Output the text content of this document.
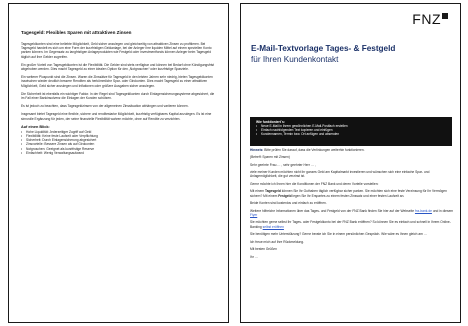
Tagesgeld: Flexibles Sparen mit attraktiven Zinsen

Tagesgeldkonten sind eine beliebte Möglichkeit, Geld sicher anzulegen und gleichzeitig von attraktiven Zinsen zu profitieren. Bei Tagesgeld handelt es sich um eine Form der kurzfristigen Geldanlage, bei der Anleger ihre liquiden Mittel auf einem speziellen Konto parken können. Im Gegensatz zu langfristigen Anlageprodukten wie Festgeld oder Investmentfonds können Anleger beim Tagesgeld täglich auf ihre Gelder zugreifen.

Ein großer Vorteil von Tagesgeldkonten ist die Flexibilität. Die Gelder sind stets verfügbar und können bei Bedarf ohne Kündigungsfrist abgehoben werden. Dies macht Tagesgeld zu einer idealen Option für den „Notgroschen“ oder kurzfristige Sparziele.

Ein weiterer Pluspunkt sind die Zinsen. Waren die Zinssätze für Tagesgeld in den letzten Jahren sehr niedrig, bieten Tagesgeldkonten inzwischen wieder deutlich bessere Renditen als herkömmliche Spar- oder Girokonten. Dies macht Tagesgeld zu einer attraktiven Möglichkeit, Geld sicher anzulegen und Inflationen oder größere Ausgaben sicher anzulegen.

Die Sicherheit ist ebenfalls ein wichtiger Faktor. In der Regel sind Tagesgeldkonten durch Einlagensicherungssysteme abgesichert, die im Fall einer Bankinsolvenz die Einlagen der Kunden schützen.

Es ist jedoch zu beachten, dass Tagesgeldzinsen von der allgemeinen Zinssituation abhängen und variieren können.

Insgesamt bietet Tagesgeld eine flexible, sichere und renditestarke Möglichkeit, kurzfristig verfügbares Kapital anzulegen. Es ist eine sinnvolle Ergänzung für jeden, der seine finanzielle Flexibilität wahren möchte, ohne auf Rendite zu verzichten.

Auf einen Blick:
• Hohe Liquidität: Jederzeitiger Zugriff auf Geld
• Flexibilität: Keine feste Laufzeit oder Verpflichtung
• Sicherheit: Durch Einlagensicherung abgesichert
• Zinsvorteile: Bessere Zinsen als auf Girokonten
• Notgroschen: Geeignet als kurzfristige Reserve
• Einfachheit: Wenig Verwaltungsaufwand
FNZ
E-Mail-Textvorlage Tages- & Festgeld
für Ihren Kundenkontakt
Wie funktioniert´s:
• Neue E-Mail in Ihrem gewöhnlichen E-Mail-Postfach erstellen
• Einfach nachfolgenden Text kopieren und einfügen
• Kundennamen, Termin bzw. Ort anfügen und absenden
Hinweis: Bitte prüfen Sie darauf, dass die Verlinkungen weiterhin funktionieren.

(Betreff: Sparen mit Zinsen)

Sehr geehrte Frau … , sehr geehrter Herr … ,

viele meiner Kunden möchten nicht ihr ganzes Geld am Kapitalmarkt investieren und wünschen sich eine einfache Spar- und Anlagemöglichkeit, die gut verzinst ist.

Gerne möchte ich Ihnen hier die Konditionen der FNZ Bank und deren Vorteile vorstellen:

Mit einem Tagesgeld können Sie Ihr Guthaben täglich verfügbar sicher parken. Sie möchten sich eine feste Verzinsung für Ihr Vermögen sichern? Mit einem Festgeld legen Sie Ihr Erspartes zu einem festen Zinssatz und einer festen Laufzeit an.

Beide Konten sind kostenlos und einfach zu eröffnen.

Weitere hilfreiche Informationen über das Tages- und Festgeld von der FNZ Bank finden Sie hier auf der Webseite fnz-bank.de und in diesem Flyer

Sie möchten gerne selbst Ihr Tages- oder Festgeldkonto bei der FNZ Bank eröffnen? So können Sie es einfach und schnell in Ihrem Online-Banking selbst eröffnen

Sie benötigen mehr Unterstützung? Gerne berate ich Sie in einem persönlichen Gespräch. Wie wäre es Ihnen gleich am …

Ich freue mich auf Ihre Rückmeldung.

Mit besten Grüßen

Ihr …
